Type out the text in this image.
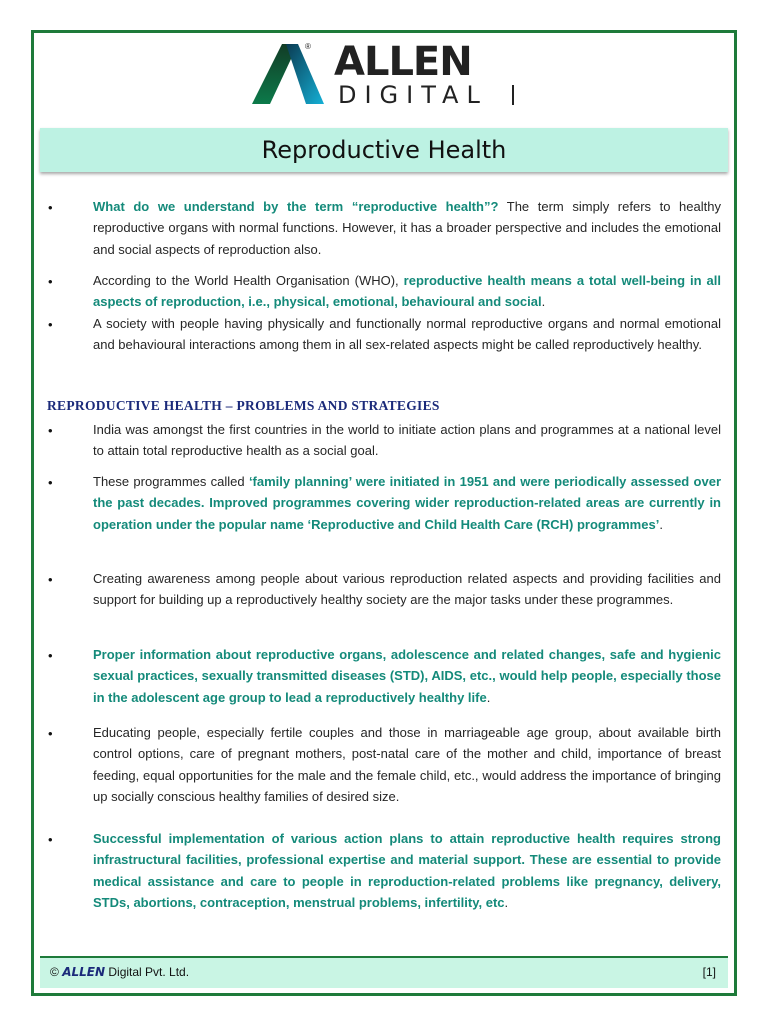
® ALLEN
DIGITAL
Reproductive Health
•	What do we understand by the term “reproductive health”? The term simply refers to healthy reproductive organs with normal functions. However, it has a broader perspective and includes the emotional and social aspects of reproduction also.

•	According to the World Health Organisation (WHO), reproductive health means a total well-being in all aspects of reproduction, i.e., physical, emotional, behavioural and social.

•	A society with people having physically and functionally normal reproductive organs and normal emotional and behavioural interactions among them in all sex-related aspects might be called reproductively healthy.

REPRODUCTIVE HEALTH – PROBLEMS AND STRATEGIES
•	India was amongst the first countries in the world to initiate action plans and programmes at a national level to attain total reproductive health as a social goal.

•	These programmes called ‘family planning’ were initiated in 1951 and were periodically assessed over the past decades. Improved programmes covering wider reproduction-related areas are currently in operation under the popular name ‘Reproductive and Child Health Care (RCH) programmes’.

•	Creating awareness among people about various reproduction related aspects and providing facilities and support for building up a reproductively healthy society are the major tasks under these programmes.

•	Proper information about reproductive organs, adolescence and related changes, safe and hygienic sexual practices, sexually transmitted diseases (STD), AIDS, etc., would help people, especially those in the adolescent age group to lead a reproductively healthy life.

•	Educating people, especially fertile couples and those in marriageable age group, about available birth control options, care of pregnant mothers, post-natal care of the mother and child, importance of breast feeding, equal opportunities for the male and the female child, etc., would address the importance of bringing up socially conscious healthy families of desired size.

•	Successful implementation of various action plans to attain reproductive health requires strong infrastructural facilities, professional expertise and material support. These are essential to provide medical assistance and care to people in reproduction-related problems like pregnancy, delivery, STDs, abortions, contraception, menstrual problems, infertility, etc.

© ALLEN Digital Pvt. Ltd.	[1]
